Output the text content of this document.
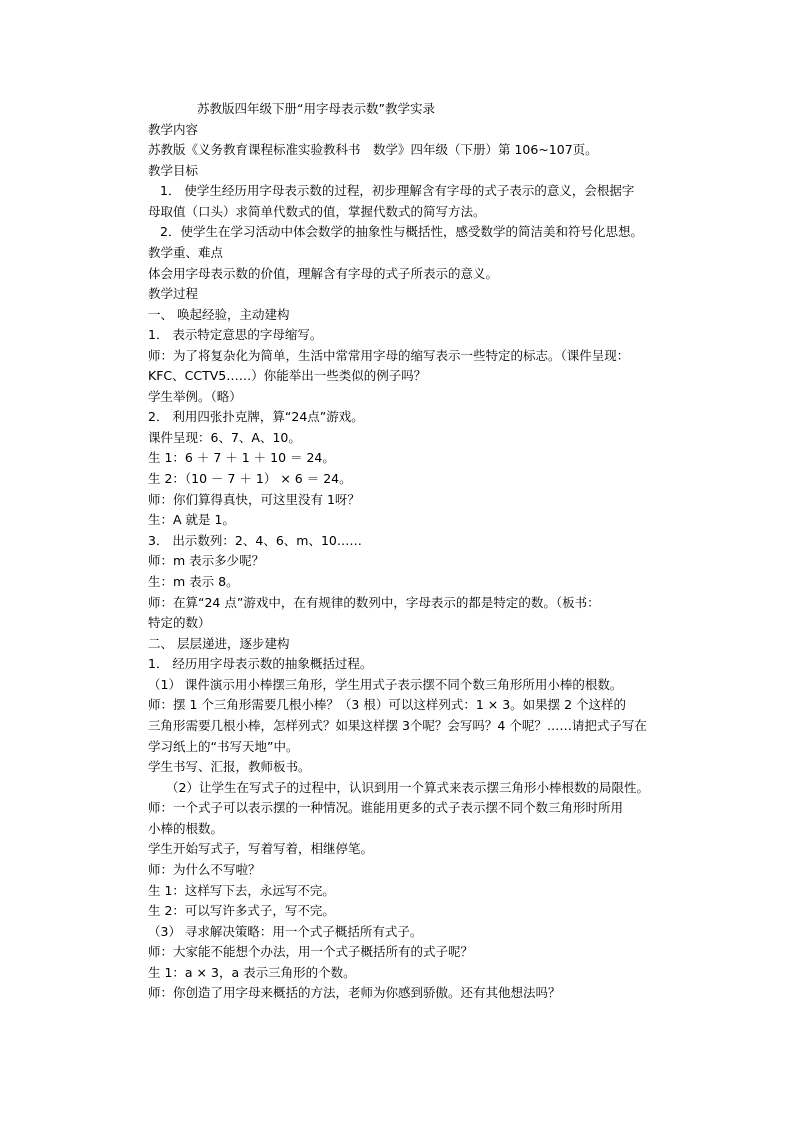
苏教版四年级下册“用字母表示数”教学实录
教学内容
苏教版《义务教育课程标准实验教科书　数学》四年级（下册）第 106~107页。
教学目标
1． 使学生经历用字母表示数的过程，初步理解含有字母的式子表示的意义，会根据字
母取值（口头）求简单代数式的值，掌握代数式的简写方法。
2．使学生在学习活动中体会数学的抽象性与概括性，感受数学的简洁美和符号化思想。
教学重、难点
体会用字母表示数的价值，理解含有字母的式子所表示的意义。
教学过程
一、 唤起经验，主动建构
1． 表示特定意思的字母缩写。
师：为了将复杂化为简单，生活中常常用字母的缩写表示一些特定的标志。（课件呈现：
KFC、CCTV5……）你能举出一些类似的例子吗？
学生举例。（略）
2． 利用四张扑克牌，算“24点”游戏。
课件呈现：6、7、A、10。
生 1：6 ＋ 7 ＋ 1 ＋ 10 ＝ 24。
生 2：（10 － 7 ＋ 1） × 6 ＝ 24。
师：你们算得真快，可这里没有 1呀？
生：A 就是 1。
3． 出示数列：2、4、6、m、10……
师：m 表示多少呢？
生：m 表示 8。
师：在算“24 点”游戏中，在有规律的数列中，字母表示的都是特定的数。（板书：
特定的数）
二、 层层递进，逐步建构
1． 经历用字母表示数的抽象概括过程。
（1） 课件演示用小棒摆三角形，学生用式子表示摆不同个数三角形所用小棒的根数。
师：摆 1 个三角形需要几根小棒？（3 根）可以这样列式：1 × 3。如果摆 2 个这样的
三角形需要几根小棒，怎样列式？如果这样摆 3个呢？会写吗？4 个呢？……请把式子写在
学习纸上的“书写天地”中。
学生书写、汇报，教师板书。
（2）让学生在写式子的过程中，认识到用一个算式来表示摆三角形小棒根数的局限性。
师：一个式子可以表示摆的一种情况。谁能用更多的式子表示摆不同个数三角形时所用
小棒的根数。
学生开始写式子，写着写着，相继停笔。
师：为什么不写啦？
生 1：这样写下去，永远写不完。
生 2：可以写许多式子，写不完。
（3） 寻求解决策略：用一个式子概括所有式子。
师：大家能不能想个办法，用一个式子概括所有的式子呢？
生 1：a × 3，a 表示三角形的个数。
师：你创造了用字母来概括的方法，老师为你感到骄傲。还有其他想法吗？
